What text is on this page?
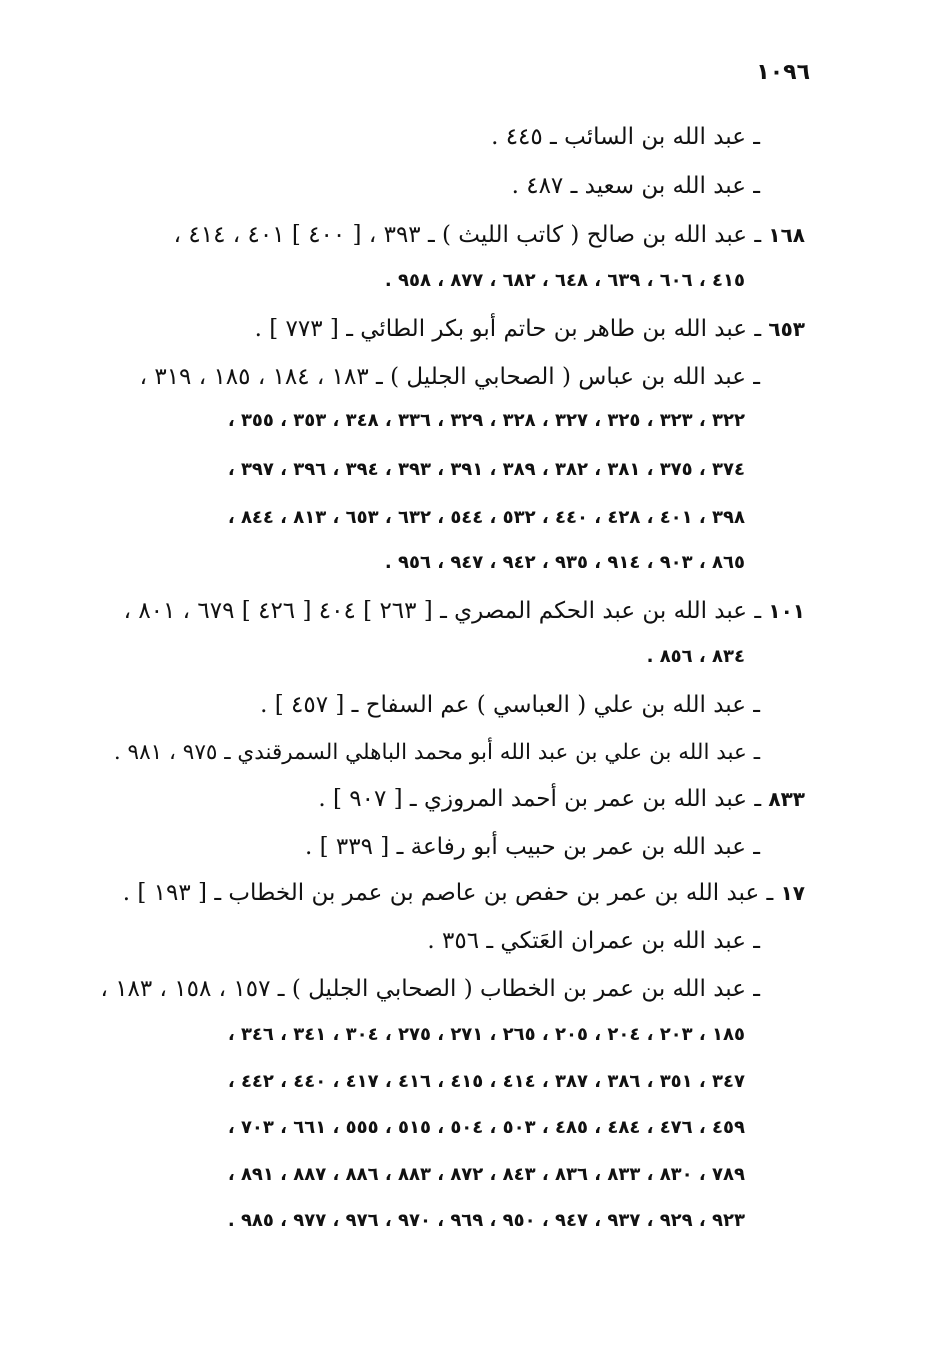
١٠٩٦
ـ عبد الله بن السائب ـ ٤٤٥ .
ـ عبد الله بن سعيد ـ ٤٨٧ .
١٦٨ ـ عبد الله بن صالح ( كاتب الليث ) ـ ٣٩٣ ، [ ٤٠٠ ] ٤٠١ ، ٤١٤ ،
٤١٥ ، ٦٠٦ ، ٦٣٩ ، ٦٤٨ ، ٦٨٢ ، ٨٧٧ ، ٩٥٨ .
٦٥٣ ـ عبد الله بن طاهر بن حاتم أبو بكر الطائي ـ [ ٧٧٣ ] .
ـ عبد الله بن عباس ( الصحابي الجليل ) ـ ١٨٣ ، ١٨٤ ، ١٨٥ ، ٣١٩ ،
٣٢٢ ، ٣٢٣ ، ٣٢٥ ، ٣٢٧ ، ٣٢٨ ، ٣٢٩ ، ٣٣٦ ، ٣٤٨ ، ٣٥٣ ، ٣٥٥ ،
٣٧٤ ، ٣٧٥ ، ٣٨١ ، ٣٨٢ ، ٣٨٩ ، ٣٩١ ، ٣٩٣ ، ٣٩٤ ، ٣٩٦ ، ٣٩٧ ،
٣٩٨ ، ٤٠١ ، ٤٢٨ ، ٤٤٠ ، ٥٣٢ ، ٥٤٤ ، ٦٣٢ ، ٦٥٣ ، ٨١٣ ، ٨٤٤ ،
٨٦٥ ، ٩٠٣ ، ٩١٤ ، ٩٣٥ ، ٩٤٢ ، ٩٤٧ ، ٩٥٦ .
١٠١ ـ عبد الله بن عبد الحكم المصري ـ [ ٢٦٣ ] ٤٠٤ [ ٤٢٦ ] ٦٧٩ ، ٨٠١ ،
٨٣٤ ، ٨٥٦ .
ـ عبد الله بن علي ( العباسي ) عم السفاح ـ [ ٤٥٧ ] .
ـ عبد الله بن علي بن عبد الله أبو محمد الباهلي السمرقندي ـ ٩٧٥ ، ٩٨١ .
٨٣٣ ـ عبد الله بن عمر بن أحمد المروزي ـ [ ٩٠٧ ] .
ـ عبد الله بن عمر بن حبيب أبو رفاعة ـ [ ٣٣٩ ] .
١٧ ـ عبد الله بن عمر بن حفص بن عاصم بن عمر بن الخطاب ـ [ ١٩٣ ] .
ـ عبد الله بن عمران العَتكي ـ ٣٥٦ .
ـ عبد الله بن عمر بن الخطاب ( الصحابي الجليل ) ـ ١٥٧ ، ١٥٨ ، ١٨٣ ،
١٨٥ ، ٢٠٣ ، ٢٠٤ ، ٢٠٥ ، ٢٦٥ ، ٢٧١ ، ٢٧٥ ، ٣٠٤ ، ٣٤١ ، ٣٤٦ ،
٣٤٧ ، ٣٥١ ، ٣٨٦ ، ٣٨٧ ، ٤١٤ ، ٤١٥ ، ٤١٦ ، ٤١٧ ، ٤٤٠ ، ٤٤٢ ،
٤٥٩ ، ٤٧٦ ، ٤٨٤ ، ٤٨٥ ، ٥٠٣ ، ٥٠٤ ، ٥١٥ ، ٥٥٥ ، ٦٦١ ، ٧٠٣ ،
٧٨٩ ، ٨٣٠ ، ٨٣٣ ، ٨٣٦ ، ٨٤٣ ، ٨٧٢ ، ٨٨٣ ، ٨٨٦ ، ٨٨٧ ، ٨٩١ ،
٩٢٣ ، ٩٢٩ ، ٩٣٧ ، ٩٤٧ ، ٩٥٠ ، ٩٦٩ ، ٩٧٠ ، ٩٧٦ ، ٩٧٧ ، ٩٨٥ .
